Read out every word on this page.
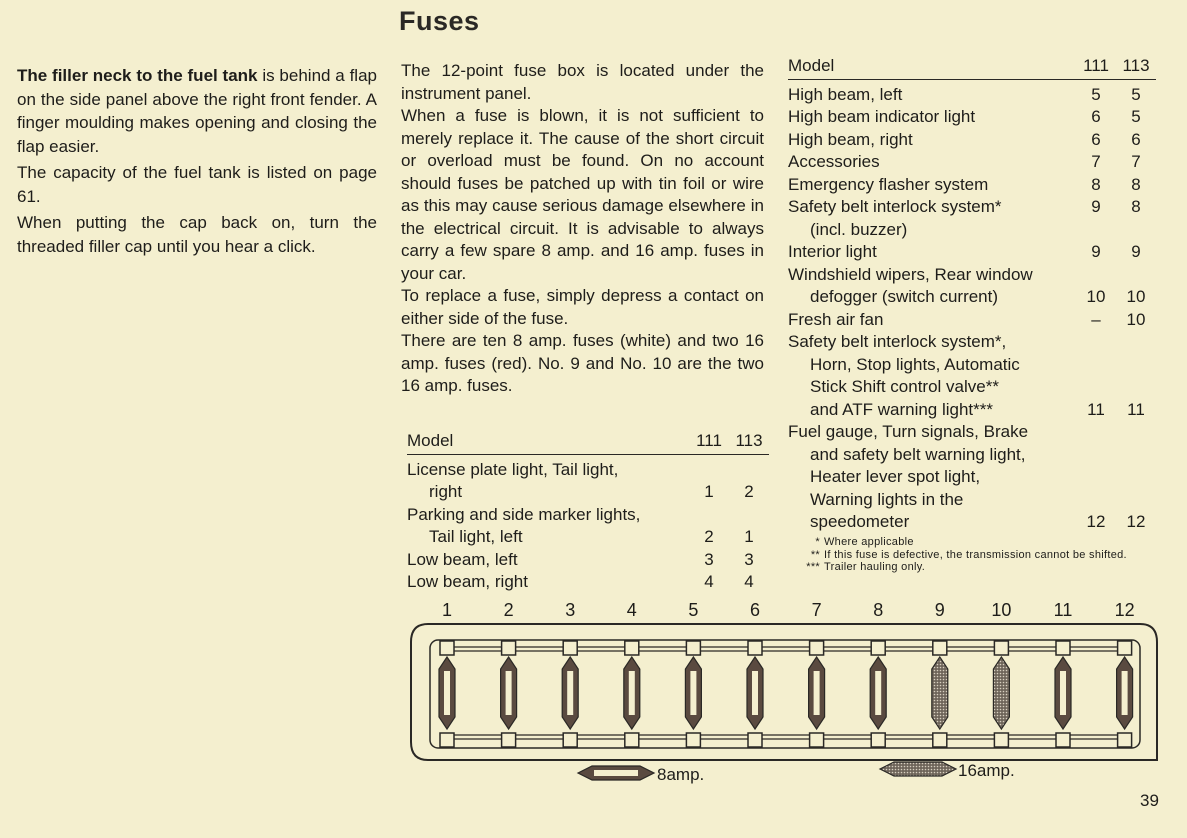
Fuses

The filler neck to the fuel tank is behind a flap on the side panel above the right front fender. A finger moulding makes opening and closing the flap easier.

The capacity of the fuel tank is listed on page 61.

When putting the cap back on, turn the threaded filler cap until you hear a click.

The 12-point fuse box is located under the instrument panel.

When a fuse is blown, it is not sufficient to merely replace it. The cause of the short circuit or overload must be found. On no account should fuses be patched up with tin foil or wire as this may cause serious damage elsewhere in the electrical circuit. It is advisable to always carry a few spare 8 amp. and 16 amp. fuses in your car.

To replace a fuse, simply depress a contact on either side of the fuse.

There are ten 8 amp. fuses (white) and two 16 amp. fuses (red). No. 9 and No. 10 are the two 16 amp. fuses.

Model	111 113
License plate light, Tail light,
right	1	2
Parking and side marker lights,
Tail light, left	2	1
Low beam, left	3	3
Low beam, right	4	4
Model	111 113
High beam, left	5	5
High beam indicator light	6	5
High beam, right	6	6
Accessories	7	7
Emergency flasher system	8	8
Safety belt interlock system*	9	8
(incl. buzzer)
Interior light	9	9
Windshield wipers, Rear window
defogger (switch current)	10	10
Fresh air fan	–	10
Safety belt interlock system*,
Horn, Stop lights, Automatic
Stick Shift control valve**
and ATF warning light***	11	11
Fuel gauge, Turn signals, Brake
and safety belt warning light,
Heater lever spot light,
Warning lights in the
speedometer	12	12
* Where applicable
** If this fuse is defective, the transmission cannot be shifted.
*** Trailer hauling only.
1	2	3	4	5	6	7	8	9	10 11 12
8amp.	16amp.
39
